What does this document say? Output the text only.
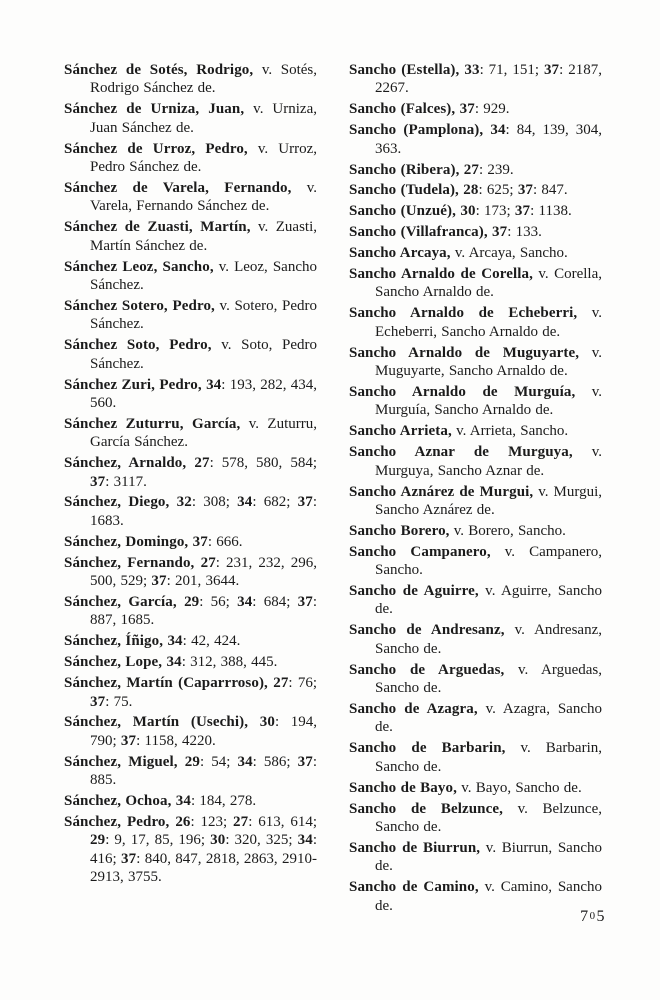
Sánchez de Sotés, Rodrigo, v. Sotés, Rodrigo Sánchez de.

Sánchez de Urniza, Juan, v. Urniza, Juan Sánchez de.

Sánchez de Urroz, Pedro, v. Urroz, Pedro Sánchez de.

Sánchez de Varela, Fernando, v. Varela, Fernando Sánchez de.

Sánchez de Zuasti, Martín, v. Zuasti, Martín Sánchez de.

Sánchez Leoz, Sancho, v. Leoz, Sancho Sánchez.

Sánchez Sotero, Pedro, v. Sotero, Pedro Sánchez.

Sánchez Soto, Pedro, v. Soto, Pedro Sánchez.

Sánchez Zuri, Pedro, 34: 193, 282, 434, 560.

Sánchez Zuturru, García, v. Zuturru, García Sánchez.

Sánchez, Arnaldo, 27: 578, 580, 584; 37: 3117.

Sánchez, Diego, 32: 308; 34: 682; 37: 1683.

Sánchez, Domingo, 37: 666.

Sánchez, Fernando, 27: 231, 232, 296, 500, 529; 37: 201, 3644.

Sánchez, García, 29: 56; 34: 684; 37: 887, 1685.

Sánchez, Íñigo, 34: 42, 424.

Sánchez, Lope, 34: 312, 388, 445.

Sánchez, Martín (Caparrroso), 27: 76; 37: 75.

Sánchez, Martín (Usechi), 30: 194, 790; 37: 1158, 4220.

Sánchez, Miguel, 29: 54; 34: 586; 37: 885.

Sánchez, Ochoa, 34: 184, 278.

Sánchez, Pedro, 26: 123; 27: 613, 614; 29: 9, 17, 85, 196; 30: 320, 325; 34: 416; 37: 840, 847, 2818, 2863, 2910-2913, 3755.

Sancho (Estella), 33: 71, 151; 37: 2187, 2267.

Sancho (Falces), 37: 929.

Sancho (Pamplona), 34: 84, 139, 304, 363.

Sancho (Ribera), 27: 239.

Sancho (Tudela), 28: 625; 37: 847.

Sancho (Unzué), 30: 173; 37: 1138.

Sancho (Villafranca), 37: 133.

Sancho Arcaya, v. Arcaya, Sancho.

Sancho Arnaldo de Corella, v. Corella, Sancho Arnaldo de.

Sancho Arnaldo de Echeberri, v. Echeberri, Sancho Arnaldo de.

Sancho Arnaldo de Muguyarte, v. Muguyarte, Sancho Arnaldo de.

Sancho Arnaldo de Murguía, v. Murguía, Sancho Arnaldo de.

Sancho Arrieta, v. Arrieta, Sancho.

Sancho Aznar de Murguya, v. Murguya, Sancho Aznar de.

Sancho Aznárez de Murgui, v. Murgui, Sancho Aznárez de.

Sancho Borero, v. Borero, Sancho.

Sancho Campanero, v. Campanero, Sancho.

Sancho de Aguirre, v. Aguirre, Sancho de.

Sancho de Andresanz, v. Andresanz, Sancho de.

Sancho de Arguedas, v. Arguedas, Sancho de.

Sancho de Azagra, v. Azagra, Sancho de.

Sancho de Barbarin, v. Barbarin, Sancho de.

Sancho de Bayo, v. Bayo, Sancho de.

Sancho de Belzunce, v. Belzunce, Sancho de.

Sancho de Biurrun, v. Biurrun, Sancho de.

Sancho de Camino, v. Camino, Sancho de.

705
